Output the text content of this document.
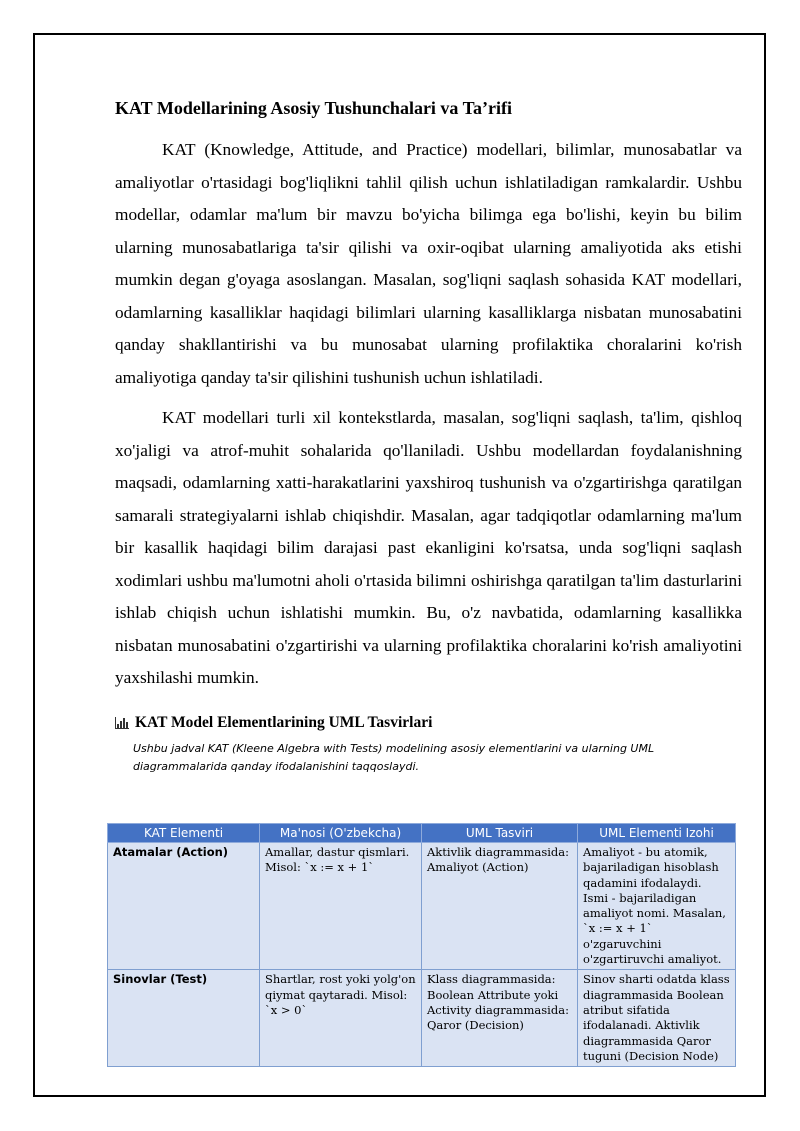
KAT Modellarining Asosiy Tushunchalari va Ta’rifi

KAT (Knowledge, Attitude, and Practice) modellari, bilimlar, munosabatlar va amaliyotlar o'rtasidagi bog'liqlikni tahlil qilish uchun ishlatiladigan ramkalardir. Ushbu modellar, odamlar ma'lum bir mavzu bo'yicha bilimga ega bo'lishi, keyin bu bilim ularning munosabatlariga ta'sir qilishi va oxir-oqibat ularning amaliyotida aks etishi mumkin degan g'oyaga asoslangan. Masalan, sog'liqni saqlash sohasida KAT modellari, odamlarning kasalliklar haqidagi bilimlari ularning kasalliklarga nisbatan munosabatini qanday shakllantirishi va bu munosabat ularning profilaktika choralarini ko'rish amaliyotiga qanday ta'sir qilishini tushunish uchun ishlatiladi.

KAT modellari turli xil kontekstlarda, masalan, sog'liqni saqlash, ta'lim, qishloq xo'jaligi va atrof-muhit sohalarida qo'llaniladi. Ushbu modellardan foydalanishning maqsadi, odamlarning xatti-harakatlarini yaxshiroq tushunish va o'zgartirishga qaratilgan samarali strategiyalarni ishlab chiqishdir. Masalan, agar tadqiqotlar odamlarning ma'lum bir kasallik haqidagi bilim darajasi past ekanligini ko'rsatsa, unda sog'liqni saqlash xodimlari ushbu ma'lumotni aholi o'rtasida bilimni oshirishga qaratilgan ta'lim dasturlarini ishlab chiqish uchun ishlatishi mumkin. Bu, o'z navbatida, odamlarning kasallikka nisbatan munosabatini o'zgartirishi va ularning profilaktika choralarini ko'rish amaliyotini yaxshilashi mumkin.

KAT Model Elementlarining UML Tasvirlari
Ushbu jadval KAT (Kleene Algebra with Tests) modelining asosiy elementlarini va ularning UML diagrammalarida qanday ifodalanishini taqqoslaydi.
KAT Elementi	Ma'nosi (O'zbekcha)	UML Tasviri	UML Elementi Izohi
Atamalar (Action)	Amallar, dastur qismlari. Misol: `x := x + 1`	Aktivlik diagrammasida: Amaliyot (Action)	Amaliyot - bu atomik, bajariladigan hisoblash qadamini ifodalaydi. Ismi - bajariladigan amaliyot nomi. Masalan, `x := x + 1` o'zgaruvchini o'zgartiruvchi amaliyot.
Sinovlar (Test)	Shartlar, rost yoki yolg'on qiymat qaytaradi. Misol: `x > 0`	Klass diagrammasida: Boolean Attribute yoki Activity diagrammasida: Qaror (Decision)	Sinov sharti odatda klass diagrammasida Boolean atribut sifatida ifodalanadi. Aktivlik diagrammasida Qaror tuguni (Decision Node)
